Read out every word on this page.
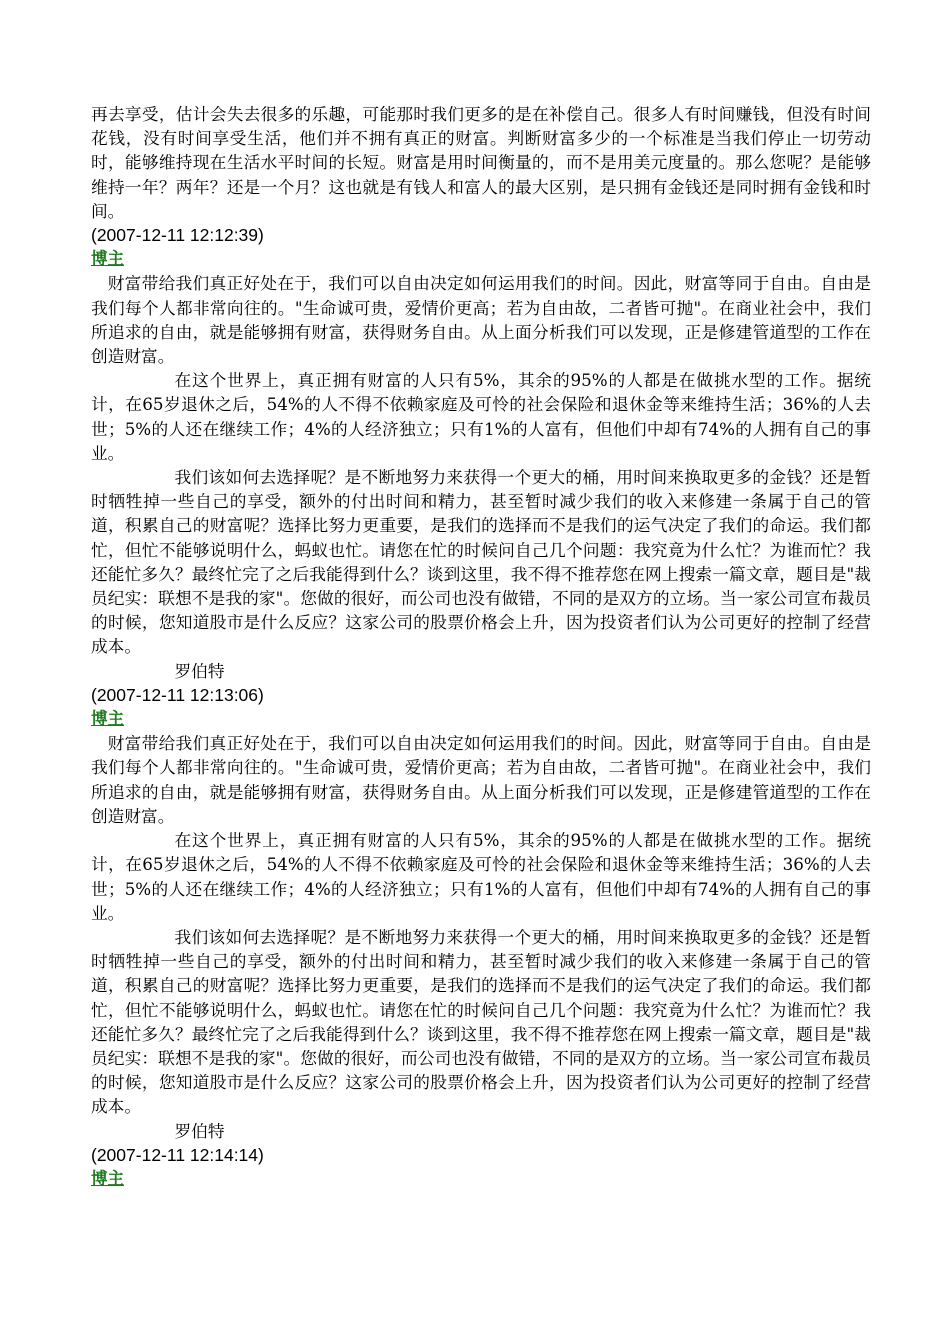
再去享受，估计会失去很多的乐趣，可能那时我们更多的是在补偿自己。很多人有时间赚钱，但没有时间花钱，没有时间享受生活，他们并不拥有真正的财富。判断财富多少的一个标准是当我们停止一切劳动时，能够维持现在生活水平时间的长短。财富是用时间衡量的，而不是用美元度量的。那么您呢？是能够维持一年？两年？还是一个月？这也就是有钱人和富人的最大区别，是只拥有金钱还是同时拥有金钱和时间。

(2007-12-11 12:12:39)

博主

财富带给我们真正好处在于，我们可以自由决定如何运用我们的时间。因此，财富等同于自由。自由是我们每个人都非常向往的。"生命诚可贵，爱情价更高；若为自由故，二者皆可抛"。在商业社会中，我们所追求的自由，就是能够拥有财富，获得财务自由。从上面分析我们可以发现，正是修建管道型的工作在创造财富。

在这个世界上，真正拥有财富的人只有5%，其余的95%的人都是在做挑水型的工作。据统计，在65岁退休之后，54%的人不得不依赖家庭及可怜的社会保险和退休金等来维持生活；36%的人去世；5%的人还在继续工作；4%的人经济独立；只有1%的人富有，但他们中却有74%的人拥有自己的事业。

我们该如何去选择呢？是不断地努力来获得一个更大的桶，用时间来换取更多的金钱？还是暂时牺牲掉一些自己的享受，额外的付出时间和精力，甚至暂时减少我们的收入来修建一条属于自己的管道，积累自己的财富呢？选择比努力更重要，是我们的选择而不是我们的运气决定了我们的命运。我们都忙，但忙不能够说明什么，蚂蚁也忙。请您在忙的时候问自己几个问题：我究竟为什么忙？为谁而忙？我还能忙多久？最终忙完了之后我能得到什么？谈到这里，我不得不推荐您在网上搜索一篇文章，题目是"裁员纪实：联想不是我的家"。您做的很好，而公司也没有做错，不同的是双方的立场。当一家公司宣布裁员的时候，您知道股市是什么反应？这家公司的股票价格会上升，因为投资者们认为公司更好的控制了经营成本。

罗伯特

(2007-12-11 12:13:06)

博主

财富带给我们真正好处在于，我们可以自由决定如何运用我们的时间。因此，财富等同于自由。自由是我们每个人都非常向往的。"生命诚可贵，爱情价更高；若为自由故，二者皆可抛"。在商业社会中，我们所追求的自由，就是能够拥有财富，获得财务自由。从上面分析我们可以发现，正是修建管道型的工作在创造财富。

在这个世界上，真正拥有财富的人只有5%，其余的95%的人都是在做挑水型的工作。据统计，在65岁退休之后，54%的人不得不依赖家庭及可怜的社会保险和退休金等来维持生活；36%的人去世；5%的人还在继续工作；4%的人经济独立；只有1%的人富有，但他们中却有74%的人拥有自己的事业。

我们该如何去选择呢？是不断地努力来获得一个更大的桶，用时间来换取更多的金钱？还是暂时牺牲掉一些自己的享受，额外的付出时间和精力，甚至暂时减少我们的收入来修建一条属于自己的管道，积累自己的财富呢？选择比努力更重要，是我们的选择而不是我们的运气决定了我们的命运。我们都忙，但忙不能够说明什么，蚂蚁也忙。请您在忙的时候问自己几个问题：我究竟为什么忙？为谁而忙？我还能忙多久？最终忙完了之后我能得到什么？谈到这里，我不得不推荐您在网上搜索一篇文章，题目是"裁员纪实：联想不是我的家"。您做的很好，而公司也没有做错，不同的是双方的立场。当一家公司宣布裁员的时候，您知道股市是什么反应？这家公司的股票价格会上升，因为投资者们认为公司更好的控制了经营成本。

罗伯特

(2007-12-11 12:14:14)

博主
